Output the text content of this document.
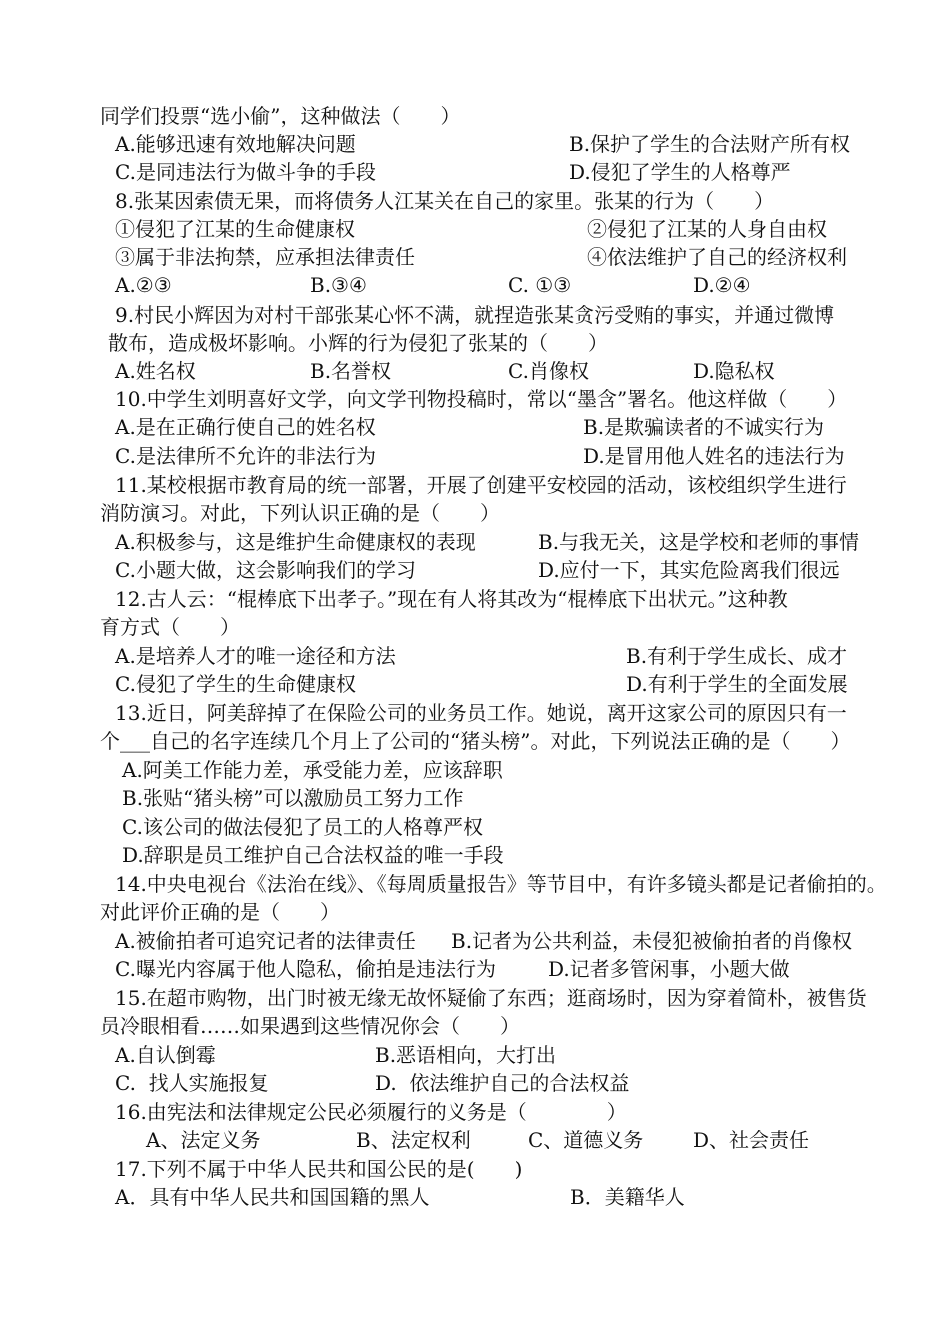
同学们投票“选小偷”，这种做法（　　）
A.能够迅速有效地解决问题	B.保护了学生的合法财产所有权
C.是同违法行为做斗争的手段	D.侵犯了学生的人格尊严
8.张某因索债无果，而将债务人江某关在自己的家里。张某的行为（　　）
①侵犯了江某的生命健康权	②侵犯了江某的人身自由权
③属于非法拘禁，应承担法律责任	④依法维护了自己的经济权利
A.②③	B.③④	C. ①③	D.②④
9.村民小辉因为对村干部张某心怀不满，就捏造张某贪污受贿的事实，并通过微博
散布，造成极坏影响。小辉的行为侵犯了张某的（　　）
A.姓名权	B.名誉权	C.肖像权	D.隐私权
10.中学生刘明喜好文学，向文学刊物投稿时，常以“墨含”署名。他这样做（　　）
A.是在正确行使自己的姓名权	B.是欺骗读者的不诚实行为
C.是法律所不允许的非法行为	D.是冒用他人姓名的违法行为
11.某校根据市教育局的统一部署，开展了创建平安校园的活动，该校组织学生进行
消防演习。对此，下列认识正确的是（　　）
A.积极参与，这是维护生命健康权的表现	B.与我无关，这是学校和老师的事情
C.小题大做，这会影响我们的学习	D.应付一下，其实危险离我们很远
12.古人云：“棍棒底下出孝子。”现在有人将其改为“棍棒底下出状元。”这种教
育方式（　　）
A.是培养人才的唯一途径和方法	B.有利于学生成长、成才
C.侵犯了学生的生命健康权	D.有利于学生的全面发展
13.近日，阿美辞掉了在保险公司的业务员工作。她说，离开这家公司的原因只有一
个___自己的名字连续几个月上了公司的“猪头榜”。对此，下列说法正确的是（　　）
A.阿美工作能力差，承受能力差，应该辞职
B.张贴“猪头榜”可以激励员工努力工作
C.该公司的做法侵犯了员工的人格尊严权
D.辞职是员工维护自己合法权益的唯一手段
14.中央电视台《法治在线》、《每周质量报告》等节目中，有许多镜头都是记者偷拍的。
对此评价正确的是（　　）
A.被偷拍者可追究记者的法律责任 B.记者为公共利益，未侵犯被偷拍者的肖像权
C.曝光内容属于他人隐私，偷拍是违法行为	D.记者多管闲事，小题大做
15.在超市购物，出门时被无缘无故怀疑偷了东西；逛商场时，因为穿着简朴，被售货
员冷眼相看……如果遇到这些情况你会（　　）
A.自认倒霉	B.恶语相向，大打出
C.  找人实施报复	D.  依法维护自己的合法权益
16.由宪法和法律规定公民必须履行的义务是（　　　　）
A、法定义务	B、法定权利	C、道德义务 D、社会责任
17.下列不属于中华人民共和国公民的是(　　)
A．具有中华人民共和国国籍的黑人	B．美籍华人
